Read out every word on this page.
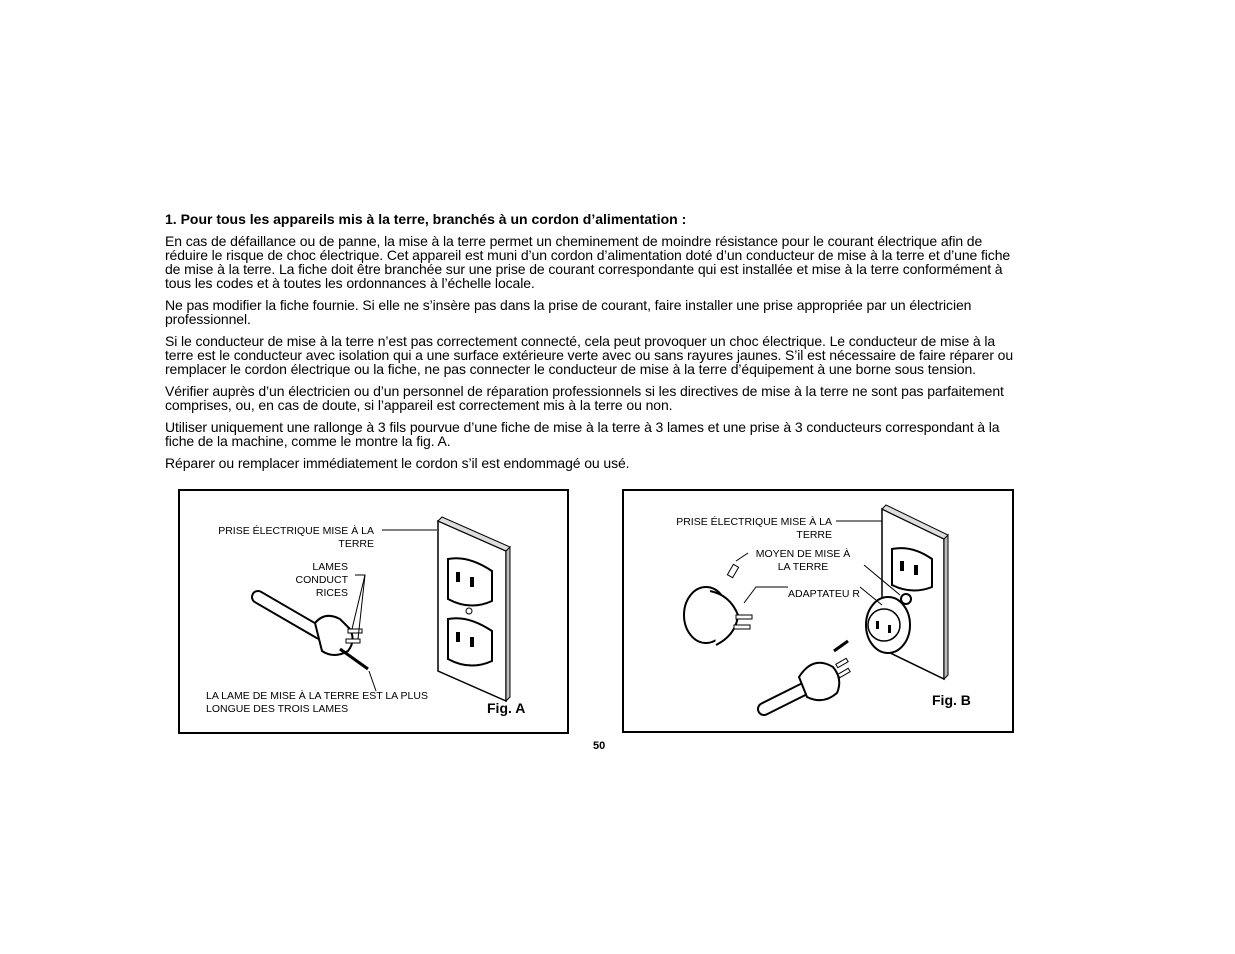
1. Pour tous les appareils mis à la terre, branchés à un cordon d’alimentation :

En cas de défaillance ou de panne, la mise à la terre permet un cheminement de moindre résistance pour le courant électrique afin de réduire le risque de choc électrique. Cet appareil est muni d’un cordon d’alimentation doté d’un conducteur de mise à la terre et d’une fiche de mise à la terre. La fiche doit être branchée sur une prise de courant correspondante qui est installée et mise à la terre conformément à tous les codes et à toutes les ordonnances à l’échelle locale.

Ne pas modifier la fiche fournie. Si elle ne s’insère pas dans la prise de courant, faire installer une prise appropriée par un électricien professionnel.

Si le conducteur de mise à la terre n’est pas correctement connecté, cela peut provoquer un choc électrique. Le conducteur de mise à la terre est le conducteur avec isolation qui a une surface extérieure verte avec ou sans rayures jaunes. S’il est nécessaire de faire réparer ou remplacer le cordon électrique ou la fiche, ne pas connecter le conducteur de mise à la terre d’équipement à une borne sous tension.

Vérifier auprès d’un électricien ou d’un personnel de réparation professionnels si les directives de mise à la terre ne sont pas parfaitement comprises, ou, en cas de doute, si l’appareil est correctement mis à la terre ou non.

Utiliser uniquement une rallonge à 3 fils pourvue d’une fiche de mise à la terre à 3 lames et une prise à 3 conducteurs correspondant à la fiche de la machine, comme le montre la fig. A.

Réparer ou remplacer immédiatement le cordon s’il est endommagé ou usé.

PRISE ÉLECTRIQUE MISE À LA TERRE
LAMES CONDUCT RICES
LA LAME DE MISE À LA TERRE EST LA PLUS LONGUE DES TROIS LAMES	Fig. A
PRISE ÉLECTRIQUE MISE À LA TERRE
MOYEN DE MISE À LA TERRE
ADAPTATEU R
Fig. B
50
